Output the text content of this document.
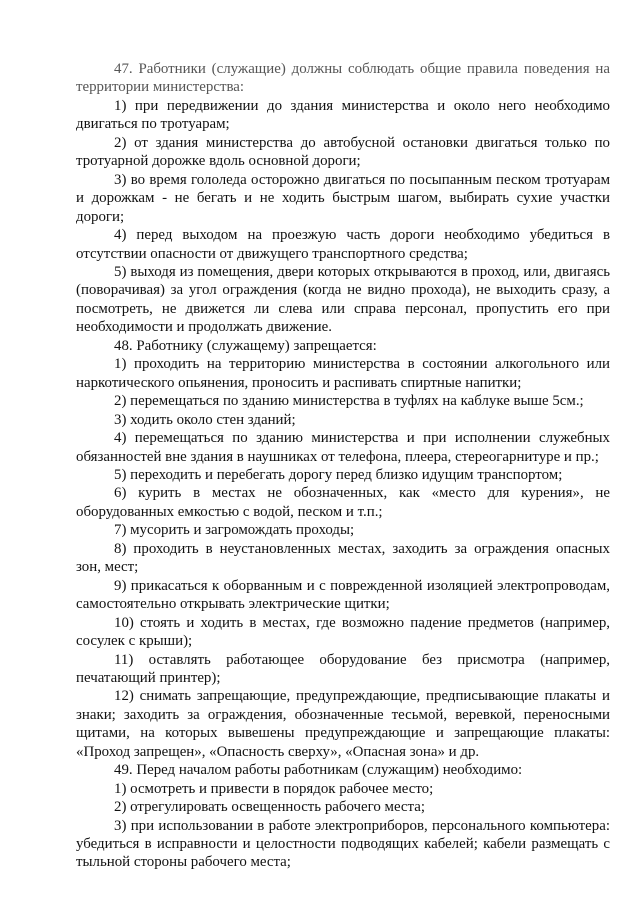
47. Работники (служащие) должны соблюдать общие правила поведения на территории министерства:

1) при передвижении до здания министерства и около него необходимо двигаться по тротуарам;

2) от здания министерства до автобусной остановки двигаться только по тротуарной дорожке вдоль основной дороги;

3) во время гололеда осторожно двигаться по посыпанным песком тротуарам и дорожкам - не бегать и не ходить быстрым шагом, выбирать сухие участки дороги;

4) перед выходом на проезжую часть дороги необходимо убедиться в отсутствии опасности от движущего транспортного средства;

5) выходя из помещения, двери которых открываются в проход, или, двигаясь (поворачивая) за угол ограждения (когда не видно прохода), не выходить сразу, а посмотреть, не движется ли слева или справа персонал, пропустить его при необходимости и продолжать движение.

48. Работнику (служащему) запрещается:

1) проходить на территорию министерства в состоянии алкогольного или наркотического опьянения, проносить и распивать спиртные напитки;

2) перемещаться по зданию министерства в туфлях на каблуке выше 5см.;

3) ходить около стен зданий;

4) перемещаться по зданию министерства и при исполнении служебных обязанностей вне здания в наушниках от телефона, плеера, стереогарнитуре и пр.;

5) переходить и перебегать дорогу перед близко идущим транспортом;

6) курить в местах не обозначенных, как «место для курения», не оборудованных емкостью с водой, песком и т.п.;

7) мусорить и загромождать проходы;

8) проходить в неустановленных местах, заходить за ограждения опасных зон, мест;

9) прикасаться к оборванным и с поврежденной изоляцией электропроводам, самостоятельно открывать электрические щитки;

10) стоять и ходить в местах, где возможно падение предметов (например, сосулек с крыши);

11) оставлять работающее оборудование без присмотра (например, печатающий принтер);

12) снимать запрещающие, предупреждающие, предписывающие плакаты и знаки; заходить за ограждения, обозначенные тесьмой, веревкой, переносными щитами, на которых вывешены предупреждающие и запрещающие плакаты: «Проход запрещен», «Опасность сверху», «Опасная зона» и др.

49. Перед началом работы работникам (служащим) необходимо:

1) осмотреть и привести в порядок рабочее место;

2) отрегулировать освещенность рабочего места;

3) при использовании в работе электроприборов, персонального компьютера: убедиться в исправности и целостности подводящих кабелей; кабели размещать с тыльной стороны рабочего места;
